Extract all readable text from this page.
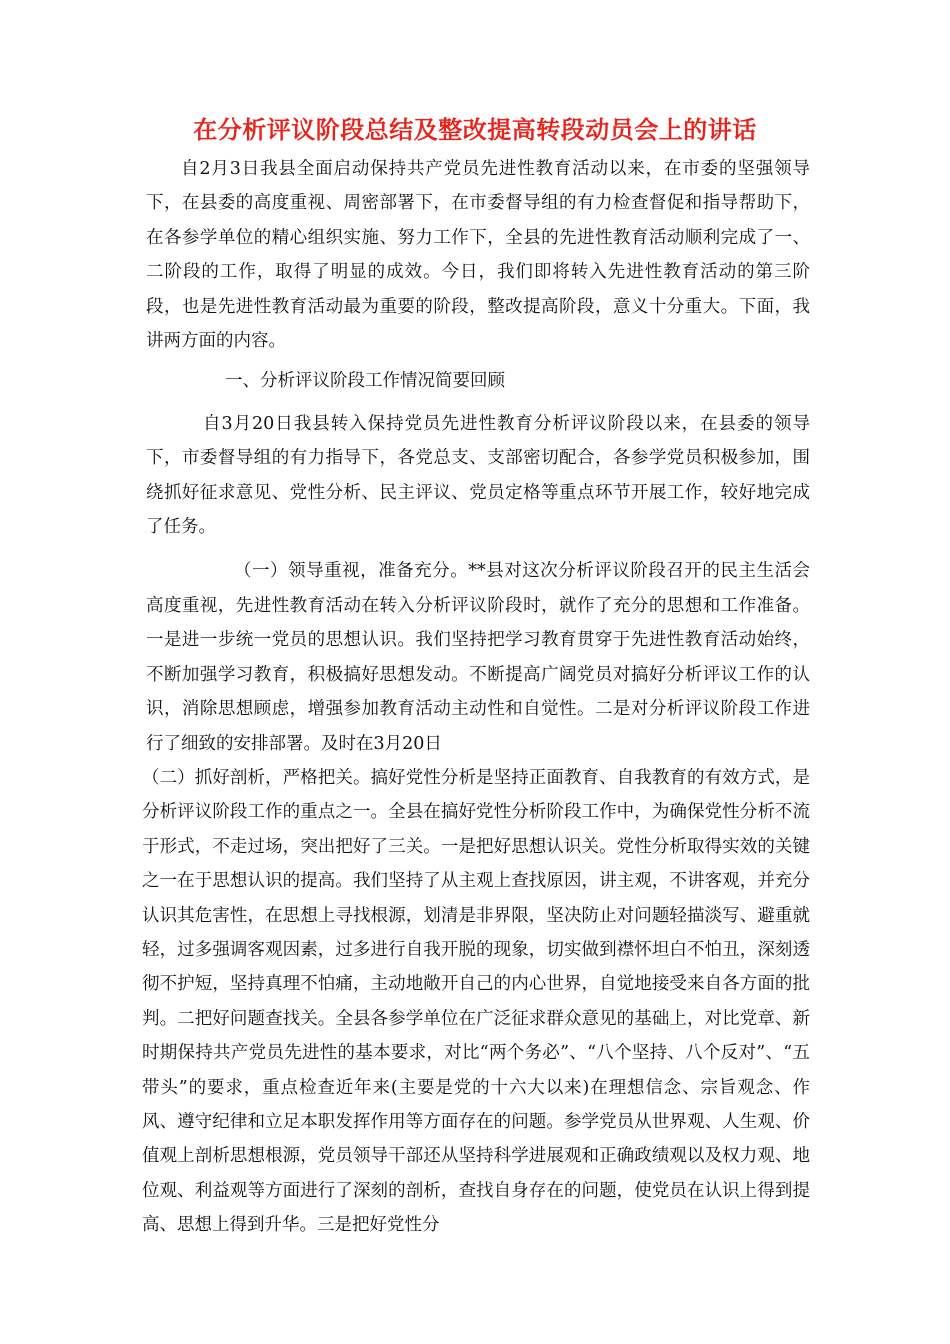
在分析评议阶段总结及整改提高转段动员会上的讲话

自2月3日我县全面启动保持共产党员先进性教育活动以来，在市委的坚强领导下，在县委的高度重视、周密部署下，在市委督导组的有力检查督促和指导帮助下，在各参学单位的精心组织实施、努力工作下，全县的先进性教育活动顺利完成了一、二阶段的工作，取得了明显的成效。今日，我们即将转入先进性教育活动的第三阶段，也是先进性教育活动最为重要的阶段，整改提高阶段，意义十分重大。下面，我讲两方面的内容。

一、分析评议阶段工作情况简要回顾

自3月20日我县转入保持党员先进性教育分析评议阶段以来，在县委的领导下，市委督导组的有力指导下，各党总支、支部密切配合，各参学党员积极参加，围绕抓好征求意见、党性分析、民主评议、党员定格等重点环节开展工作，较好地完成了任务。

（一）领导重视，准备充分。**县对这次分析评议阶段召开的民主生活会高度重视，先进性教育活动在转入分析评议阶段时，就作了充分的思想和工作准备。一是进一步统一党员的思想认识。我们坚持把学习教育贯穿于先进性教育活动始终，不断加强学习教育，积极搞好思想发动。不断提高广阔党员对搞好分析评议工作的认识，消除思想顾虑，增强参加教育活动主动性和自觉性。二是对分析评议阶段工作进行了细致的安排部署。及时在3月20日

（二）抓好剖析，严格把关。搞好党性分析是坚持正面教育、自我教育的有效方式，是分析评议阶段工作的重点之一。全县在搞好党性分析阶段工作中，为确保党性分析不流于形式，不走过场，突出把好了三关。一是把好思想认识关。党性分析取得实效的关键之一在于思想认识的提高。我们坚持了从主观上查找原因，讲主观，不讲客观，并充分认识其危害性，在思想上寻找根源，划清是非界限，坚决防止对问题轻描淡写、避重就轻，过多强调客观因素，过多进行自我开脱的现象，切实做到襟怀坦白不怕丑，深刻透彻不护短，坚持真理不怕痛，主动地敞开自己的内心世界，自觉地接受来自各方面的批判。二把好问题查找关。全县各参学单位在广泛征求群众意见的基础上，对比党章、新时期保持共产党员先进性的基本要求，对比“两个务必”、“八个坚持、八个反对”、“五带头”的要求，重点检查近年来(主要是党的十六大以来)在理想信念、宗旨观念、作风、遵守纪律和立足本职发挥作用等方面存在的问题。参学党员从世界观、人生观、价值观上剖析思想根源，党员领导干部还从坚持科学进展观和正确政绩观以及权力观、地位观、利益观等方面进行了深刻的剖析，查找自身存在的问题，使党员在认识上得到提高、思想上得到升华。三是把好党性分
